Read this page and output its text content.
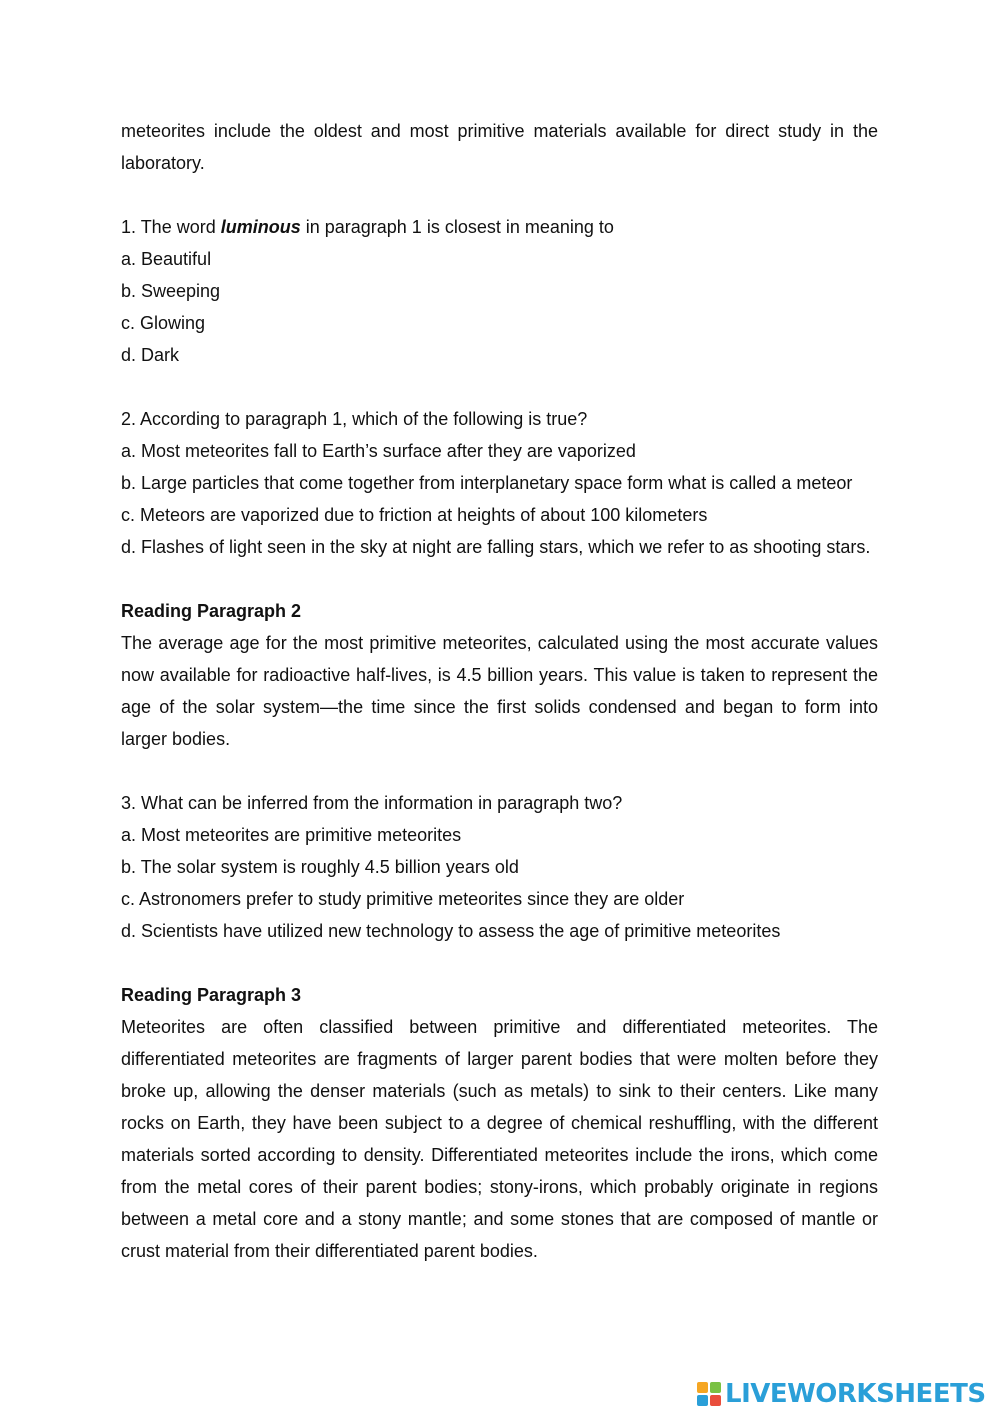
meteorites include the oldest and most primitive materials available for direct study in the laboratory.

1. The word luminous in paragraph 1 is closest in meaning to

a. Beautiful

b. Sweeping

c. Glowing

d. Dark

2. According to paragraph 1, which of the following is true?

a. Most meteorites fall to Earth’s surface after they are vaporized

b. Large particles that come together from interplanetary space form what is called a meteor

c. Meteors are vaporized due to friction at heights of about 100 kilometers

d. Flashes of light seen in the sky at night are falling stars, which we refer to as shooting stars.

Reading Paragraph 2

The average age for the most primitive meteorites, calculated using the most accurate values now available for radioactive half-lives, is 4.5 billion years. This value is taken to represent the age of the solar system—the time since the first solids condensed and began to form into larger bodies.

3. What can be inferred from the information in paragraph two?

a. Most meteorites are primitive meteorites

b. The solar system is roughly 4.5 billion years old

c. Astronomers prefer to study primitive meteorites since they are older

d. Scientists have utilized new technology to assess the age of primitive meteorites

Reading Paragraph 3

Meteorites are often classified between primitive and differentiated meteorites. The differentiated meteorites are fragments of larger parent bodies that were molten before they broke up, allowing the denser materials (such as metals) to sink to their centers. Like many rocks on Earth, they have been subject to a degree of chemical reshuffling, with the different materials sorted according to density. Differentiated meteorites include the irons, which come from the metal cores of their parent bodies; stony-irons, which probably originate in regions between a metal core and a stony mantle; and some stones that are composed of mantle or crust material from their differentiated parent bodies.

LIVEWORKSHEETS
